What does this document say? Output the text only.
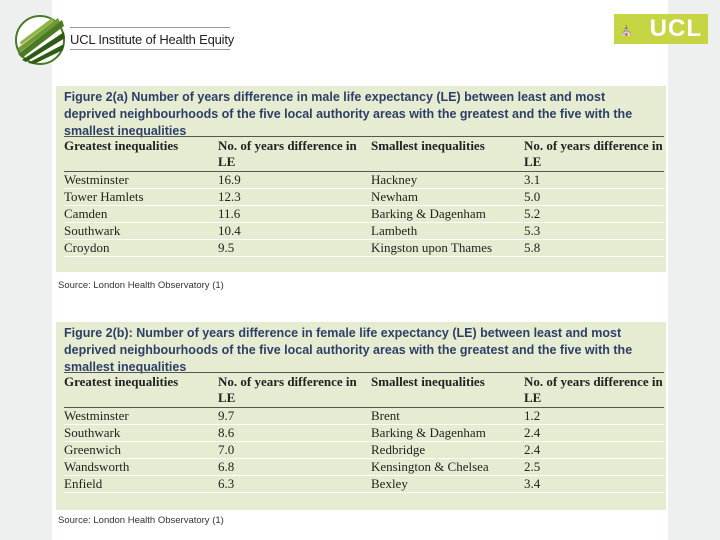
UCL Institute of Health Equity
⛪ UCL

Figure 2(a) Number of years difference in male life expectancy (LE) between least and most deprived neighbourhoods of the five local authority areas with the greatest and the five with the smallest inequalities

Greatest inequalities	No. of years difference in LE	Smallest inequalities	No. of years difference in LE
Westminster	16.9	Hackney	3.1
Tower Hamlets	12.3	Newham	5.0
Camden	11.6	Barking & Dagenham	5.2
Southwark	10.4	Lambeth	5.3
Croydon	9.5	Kingston upon Thames	5.8
Source: London Health Observatory (1)

Figure 2(b): Number of years difference in female life expectancy (LE) between least and most deprived neighbourhoods of the five local authority areas with the greatest and the five with the smallest inequalities

Greatest inequalities	No. of years difference in LE	Smallest inequalities	No. of years difference in LE
Westminster	9.7	Brent	1.2
Southwark	8.6	Barking & Dagenham	2.4
Greenwich	7.0	Redbridge	2.4
Wandsworth	6.8	Kensington & Chelsea	2.5
Enfield	6.3	Bexley	3.4
Source: London Health Observatory (1)
